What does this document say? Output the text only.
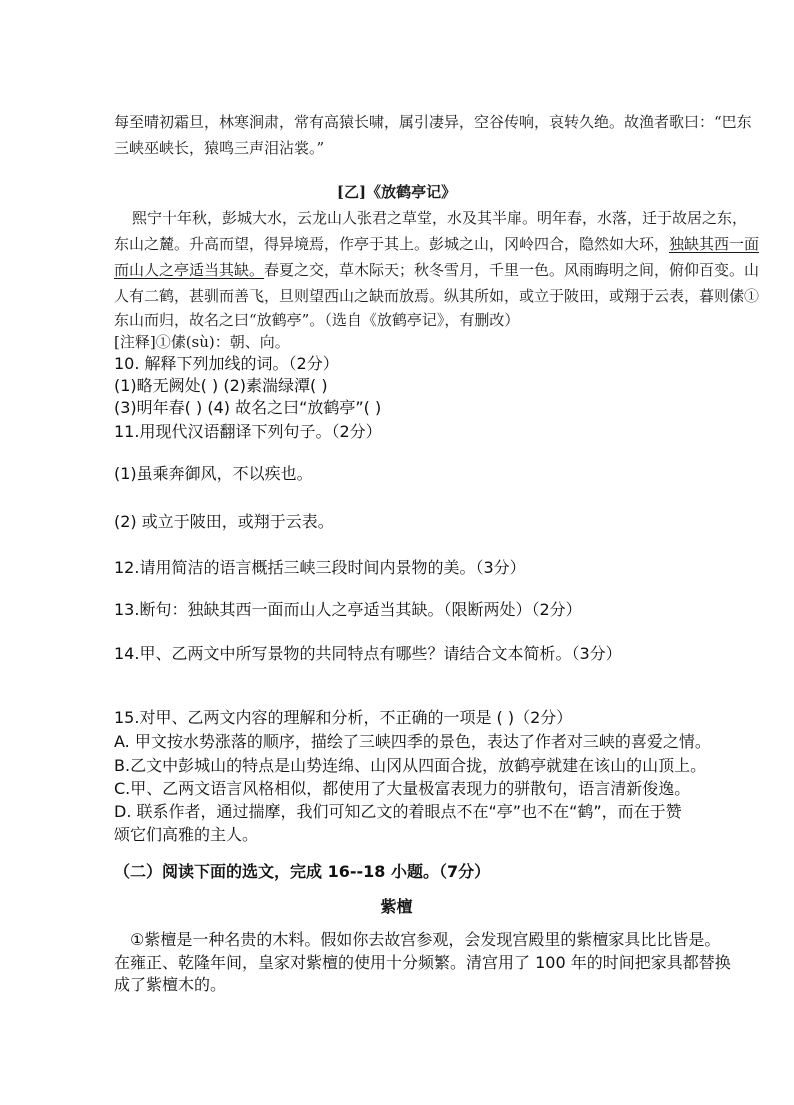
每至晴初霜旦，林寒涧肃，常有高猿长啸，属引凄异，空谷传响，哀转久绝。故渔者歌曰：“巴东
三峡巫峡长，猿鸣三声泪沾裳。”
[乙]《放鹤亭记》
熙宁十年秋，彭城大水，云龙山人张君之草堂，水及其半扉。明年春，水落，迁于故居之东，
东山之麓。升高而望，得异境焉，作亭于其上。彭城之山，冈岭四合，隐然如大环，独缺其西一面
而山人之亭适当其缺。春夏之交，草木际天；秋冬雪月，千里一色。风雨晦明之间，俯仰百变。山
人有二鹤，甚驯而善飞，旦则望西山之缺而放焉。纵其所如，或立于陂田，或翔于云表，暮则傃①
东山而归，故名之曰“放鹤亭”。（选自《放鹤亭记》，有删改）
[注释]①傃(sù)：朝、向。
10. 解释下列加线的词。（2分）
(1)略无阙处( ) (2)素湍绿潭( )
(3)明年春( ) (4) 故名之曰“放鹤亭”( )
11.用现代汉语翻译下列句子。（2分）
(1)虽乘奔御风，不以疾也。
(2) 或立于陂田，或翔于云表。
12.请用简洁的语言概括三峡三段时间内景物的美。（3分）
13.断句：独缺其西一面而山人之亭适当其缺。（限断两处）（2分）
14.甲、乙两文中所写景物的共同特点有哪些？请结合文本简析。（3分）
15.对甲、乙两文内容的理解和分析，不正确的一项是 ( )（2分）
A. 甲文按水势涨落的顺序，描绘了三峡四季的景色，表达了作者对三峡的喜爱之情。
B.乙文中彭城山的特点是山势连绵、山冈从四面合拢，放鹤亭就建在该山的山顶上。
C.甲、乙两文语言风格相似，都使用了大量极富表现力的骈散句，语言清新俊逸。
D. 联系作者，通过揣摩，我们可知乙文的着眼点不在“亭”也不在“鹤”，而在于赞
颂它们高雅的主人。
（二）阅读下面的选文，完成 16--18 小题。（7分）
紫檀
①紫檀是一种名贵的木料。假如你去故宫参观，会发现宫殿里的紫檀家具比比皆是。
在雍正、乾隆年间，皇家对紫檀的使用十分频繁。清宫用了 100 年的时间把家具都替换
成了紫檀木的。
